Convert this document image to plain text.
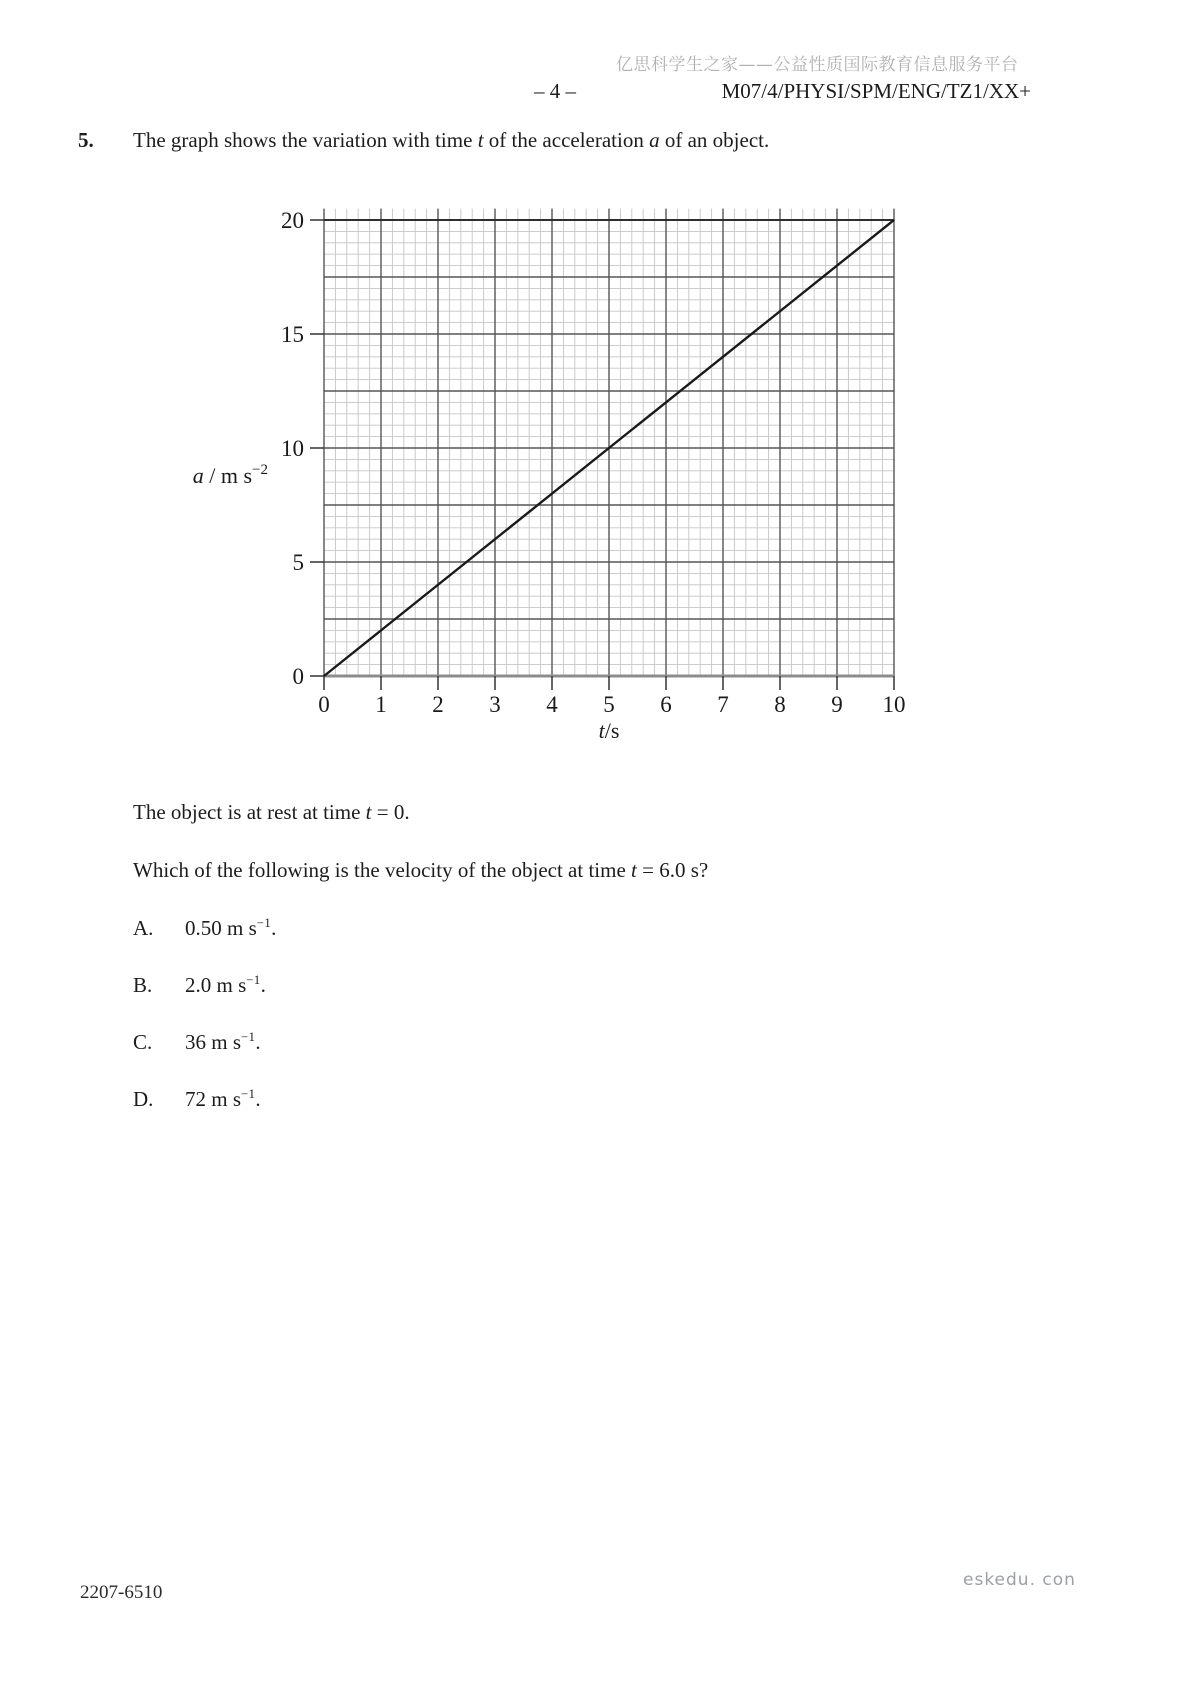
亿思科学生之家——公益性质国际教育信息服务平台
– 4 –	M07/4/PHYSI/SPM/ENG/TZ1/XX+
5. The graph shows the variation with time t of the acceleration a of an object.
0 1 2 3 4 5 6 7 8 9 10
0
5
10
15
20
t/s
a / m $s^{-2}$
The object is at rest at time t = 0.
Which of the following is the velocity of the object at time t = 6.0 s?
A. 0.50 m $s^{-1}$.
B. 2.0 m $s^{-1}$.
C. 36 m $s^{-1}$.
D. 72 m $s^{-1}$.
2207-6510
eskedu. con
